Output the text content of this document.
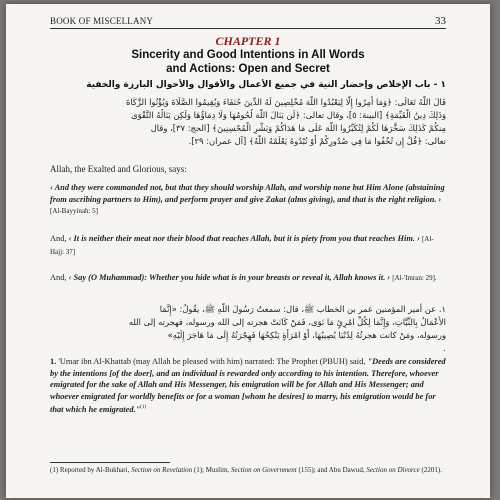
BOOK OF MISCELLANY	33
CHAPTER 1
Sincerity and Good Intentions in All Words
and Actions: Open and Secret
١ - باب الإخلاص وإحضار النية في جميع الأعمال والأقوال والأحوال البارزة والخفية
قَالَ اللَّهُ تَعَالَى: ﴿وَمَا أُمِرُوا إِلَّا لِيَعْبُدُوا اللَّهَ مُخْلِصِينَ لَهُ الدِّينَ حُنَفَاءَ وَيُقِيمُوا الصَّلَاةَ وَيُؤْتُوا الزَّكَاةَ
وَذَلِكَ دِينُ الْقَيِّمَةِ﴾ [البينة: ٥]، وقال تعالى: ﴿لَن يَنَالَ اللَّهَ لُحُومُهَا وَلَا دِمَاؤُهَا وَلَكِن يَنَالُهُ التَّقْوَى
مِنكُمْ كَذَلِكَ سَخَّرَهَا لَكُمْ لِتُكَبِّرُوا اللَّهَ عَلَى مَا هَدَاكُمْ وَبَشِّرِ الْمُحْسِنِينَ﴾ [الحج: ٣٧]، وقال
تعالى: ﴿قُلْ إِن تُخْفُوا مَا فِي صُدُورِكُمْ أَوْ تُبْدُوهُ يَعْلَمْهُ اللَّهُ﴾ [آل عمران: ٢٩].
Allah, the Exalted and Glorious, says:
‹ And they were commanded not, but that they should worship Allah, and worship none but Him Alone (abstaining from ascribing partners to Him), and perform prayer and give Zakat (alms giving), and that is the right religion. › [Al-Bayyinah: 5]
And, ‹ It is neither their meat nor their blood that reaches Allah, but it is piety from you that reaches Him. › [Al-Hajj: 37]
And, ‹ Say (O Muhammad): Whether you hide what is in your breasts or reveal it, Allah knows it. › [Al-'Imran: 29].
١. عن أمير المؤمنين عمر بن الخطاب ﷺ، قال: سمعتُ رَسُولَ اللَّهِ ﷺ، يقُولُ: «إِنَّمَا
الأَعْمَالُ بِالنِّيَّاتِ، وَإِنَّمَا لِكُلِّ امْرِئٍ مَا نَوَى، فَمَنْ كَانَتْ هجرته إلى الله ورسوله، فهجرته إلى الله
ورسوله، ومَنْ كانت هجرتُهُ لِدُنْيَا يُصِيبُهَا، أَوْ امْرَأَةٍ يَنْكِحُهَا فَهِجْرَتُهُ إِلَى مَا هَاجَرَ إِلَيْهِ»
.
1. 'Umar ibn Al-Khattab (may Allah be pleased with him) narrated: The Prophet (PBUH) said, "Deeds are considered by the intentions [of the doer], and an individual is rewarded only according to his intention. Therefore, whoever emigrated for the sake of Allah and His Messenger, his emigration will be for Allah and His Messenger; and whoever emigrated for worldly benefits or for a woman [whom he desires] to marry, his emigration would be for that which he emigrated."$^{(1)}$
(1) Reported by Al-Bukhari, Section on Revelation (1); Muslim, Section on Government (155); and Abu Dawud, Section on Divorce (2201).
